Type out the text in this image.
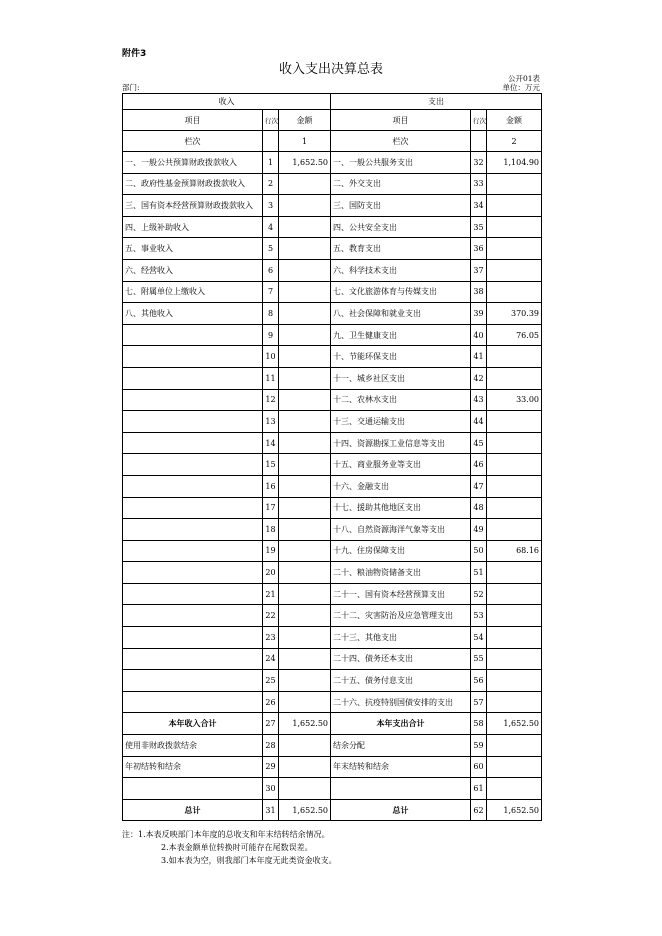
附件3
收入支出决算总表
公开01表
部门:	单位：万元
收入			支出		
项目	行次	金额	项目	行次	金额
栏次		1	栏次		2
一、一般公共预算财政拨款收入	1	1,652.50	一、一般公共服务支出	32	1,104.90
二、政府性基金预算财政拨款收入	2		二、外交支出	33	
三、国有资本经营预算财政拨款收入	3		三、国防支出	34	
四、上级补助收入	4		四、公共安全支出	35	
五、事业收入	5		五、教育支出	36	
六、经营收入	6		六、科学技术支出	37	
七、附属单位上缴收入	7		七、文化旅游体育与传媒支出	38	
八、其他收入	8		八、社会保障和就业支出	39	370.39
	9		九、卫生健康支出	40	76.05
	10		十、节能环保支出	41	
	11		十一、城乡社区支出	42	
	12		十二、农林水支出	43	33.00
	13		十三、交通运输支出	44	
	14		十四、资源勘探工业信息等支出	45	
	15		十五、商业服务业等支出	46	
	16		十六、金融支出	47	
	17		十七、援助其他地区支出	48	
	18		十八、自然资源海洋气象等支出	49	
	19		十九、住房保障支出	50	68.16
	20		二十、粮油物资储备支出	51	
	21		二十一、国有资本经营预算支出	52	
	22		二十二、灾害防治及应急管理支出	53	
	23		二十三、其他支出	54	
	24		二十四、债务还本支出	55	
	25		二十五、债务付息支出	56	
	26		二十六、抗疫特别国债安排的支出	57	
本年收入合计	27	1,652.50	本年支出合计	58	1,652.50
使用非财政拨款结余	28		结余分配	59	
年初结转和结余	29		年末结转和结余	60	
	30			61	
总计	31	1,652.50	总计	62	1,652.50
注：1.本表反映部门本年度的总收支和年末结转结余情况。
2.本表金额单位转换时可能存在尾数误差。
3.如本表为空，则我部门本年度无此类资金收支。
